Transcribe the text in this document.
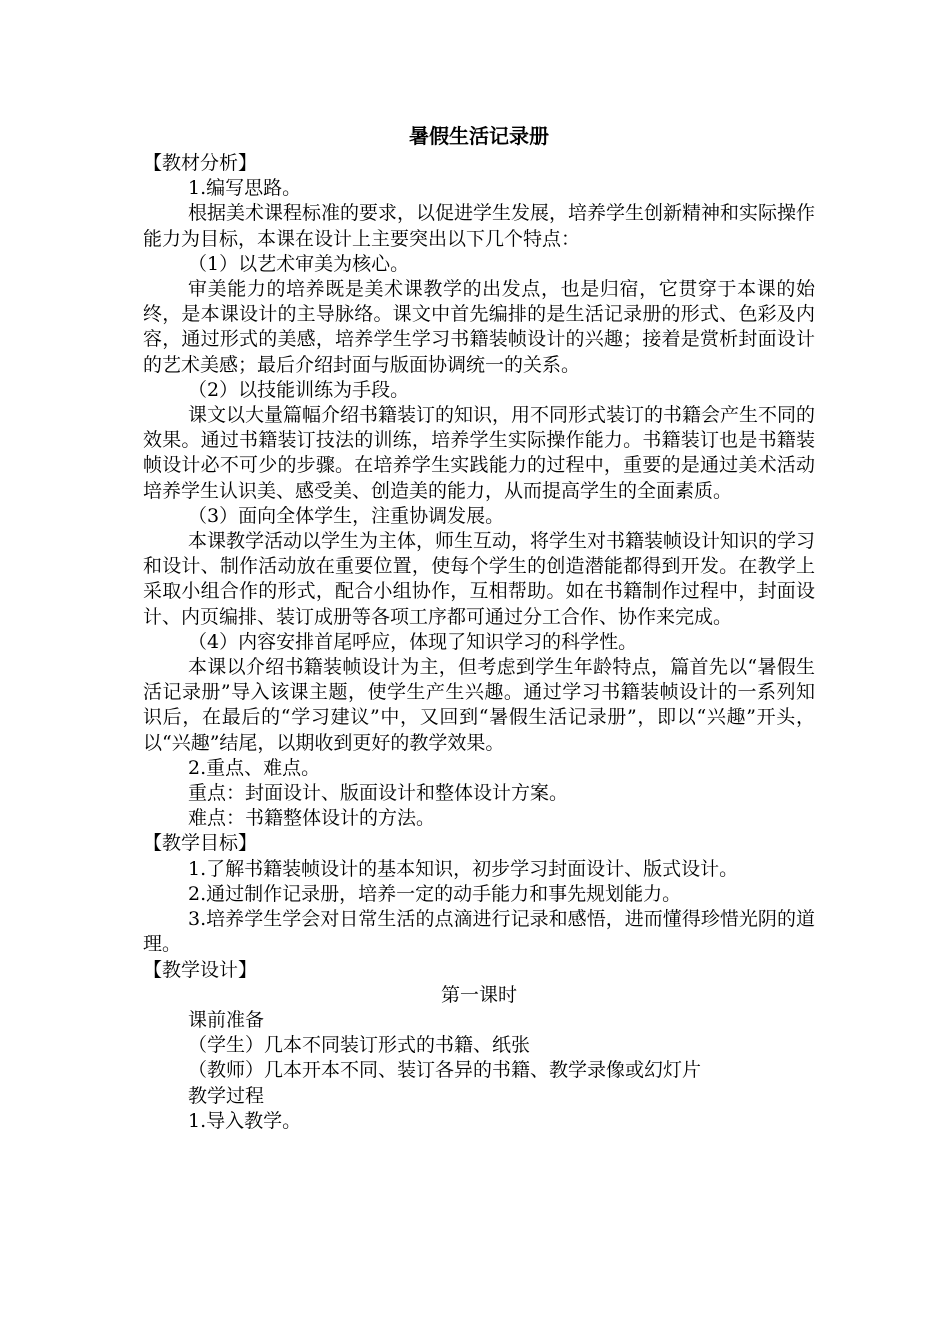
暑假生活记录册

【教材分析】

1.编写思路。

根据美术课程标准的要求，以促进学生发展，培养学生创新精神和实际操作能力为目标，本课在设计上主要突出以下几个特点：

（1）以艺术审美为核心。

审美能力的培养既是美术课教学的出发点，也是归宿，它贯穿于本课的始终，是本课设计的主导脉络。课文中首先编排的是生活记录册的形式、色彩及内容，通过形式的美感，培养学生学习书籍装帧设计的兴趣；接着是赏析封面设计的艺术美感；最后介绍封面与版面协调统一的关系。

（2）以技能训练为手段。

课文以大量篇幅介绍书籍装订的知识，用不同形式装订的书籍会产生不同的效果。通过书籍装订技法的训练，培养学生实际操作能力。书籍装订也是书籍装帧设计必不可少的步骤。在培养学生实践能力的过程中，重要的是通过美术活动培养学生认识美、感受美、创造美的能力，从而提高学生的全面素质。

（3）面向全体学生，注重协调发展。

本课教学活动以学生为主体，师生互动，将学生对书籍装帧设计知识的学习和设计、制作活动放在重要位置，使每个学生的创造潜能都得到开发。在教学上采取小组合作的形式，配合小组协作，互相帮助。如在书籍制作过程中，封面设计、内页编排、装订成册等各项工序都可通过分工合作、协作来完成。

（4）内容安排首尾呼应，体现了知识学习的科学性。

本课以介绍书籍装帧设计为主，但考虑到学生年龄特点，篇首先以“暑假生活记录册”导入该课主题，使学生产生兴趣。通过学习书籍装帧设计的一系列知识后，在最后的“学习建议”中，又回到“暑假生活记录册”，即以“兴趣”开头，以“兴趣”结尾，以期收到更好的教学效果。

2.重点、难点。

重点：封面设计、版面设计和整体设计方案。

难点：书籍整体设计的方法。

【教学目标】

1.了解书籍装帧设计的基本知识，初步学习封面设计、版式设计。

2.通过制作记录册，培养一定的动手能力和事先规划能力。

3.培养学生学会对日常生活的点滴进行记录和感悟，进而懂得珍惜光阴的道理。

【教学设计】

第一课时

课前准备

（学生）几本不同装订形式的书籍、纸张

（教师）几本开本不同、装订各异的书籍、教学录像或幻灯片

教学过程

1.导入教学。
